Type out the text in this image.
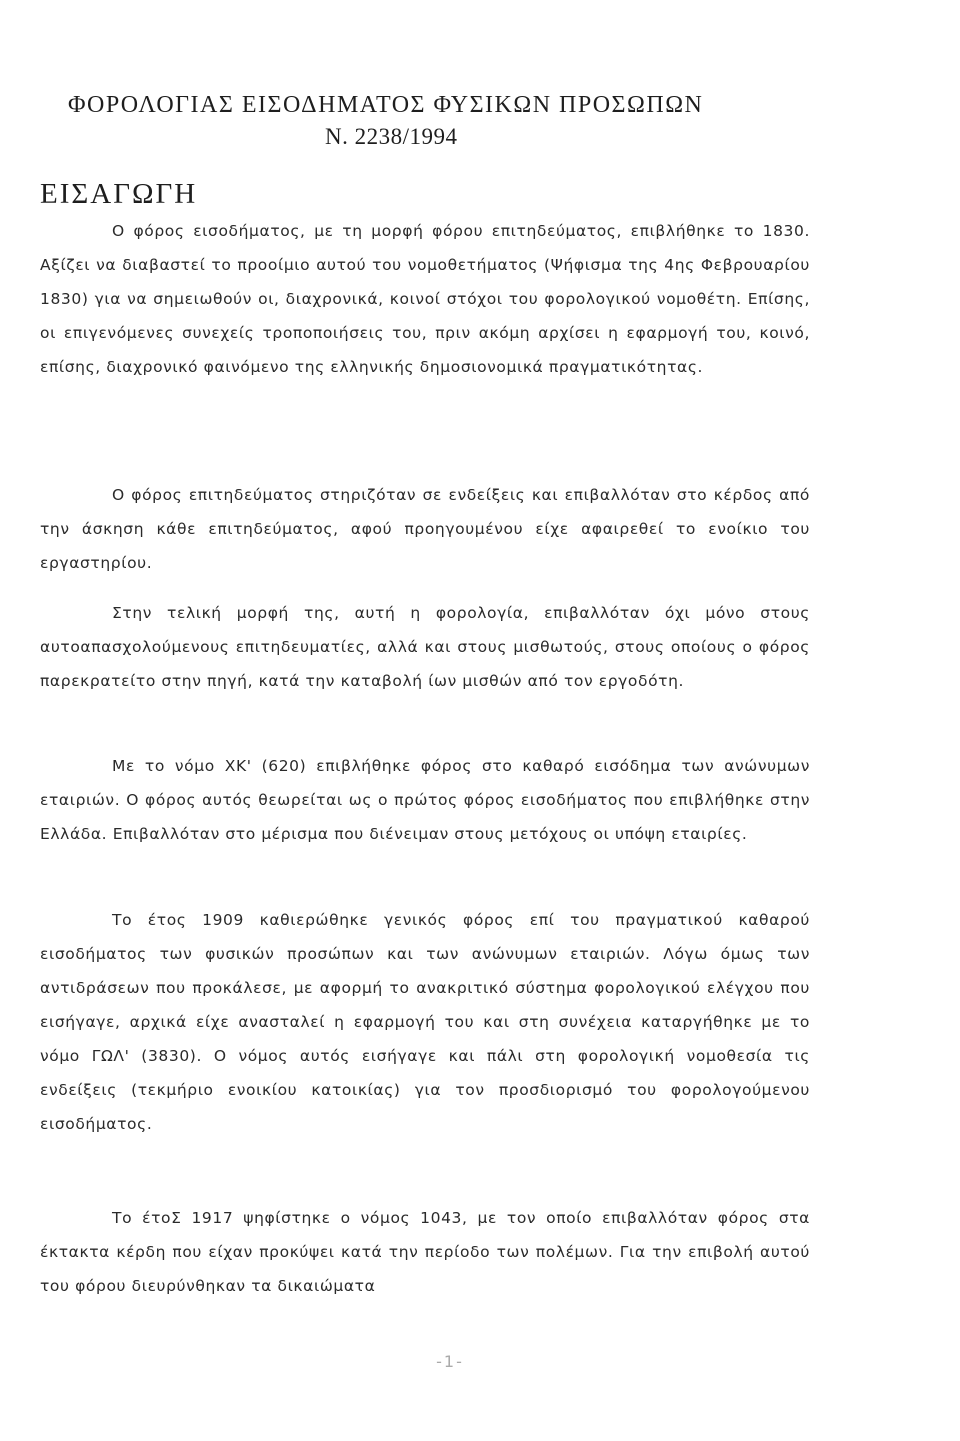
ΦΟΡΟΛΟΓΙΑΣ ΕΙΣΟΔΗΜΑΤΟΣ ΦΥΣΙΚΩΝ ΠΡΟΣΩΠΩΝ
Ν. 2238/1994
ΕΙΣΑΓΩΓΗ

Ο φόρος εισοδήματος, με τη μορφή φόρου επιτηδεύματος, επιβλήθηκε το 1830. Αξίζει να διαβαστεί το προοίμιο αυτού του νομοθετήματος (Ψήφισμα της 4ης Φεβρουαρίου 1830) για να σημειωθούν οι, διαχρονικά, κοινοί στόχοι του φορολογικού νομοθέτη. Επίσης, οι επιγενόμενες συνεχείς τροποποιήσεις του, πριν ακόμη αρχίσει η εφαρμογή του, κοινό, επίσης, διαχρονικό φαινόμενο της ελληνικής δημοσιονομικά πραγματικότητας.

Ο φόρος επιτηδεύματος στηριζόταν σε ενδείξεις και επιβαλλόταν στο κέρδος από την άσκηση κάθε επιτηδεύματος, αφού προηγουμένου είχε αφαιρεθεί το ενοίκιο του εργαστηρίου.

Στην τελική μορφή της, αυτή η φορολογία, επιβαλλόταν όχι μόνο στους αυτοαπασχολούμενους επιτηδευματίες, αλλά και στους μισθωτούς, στους οποίους ο φόρος παρεκρατείτο στην πηγή, κατά την καταβολή ίων μισθών από τον εργοδότη.

Με το νόμο ΧΚ' (620) επιβλήθηκε φόρος στο καθαρό εισόδημα των ανώνυμων εταιριών. Ο φόρος αυτός θεωρείται ως ο πρώτος φόρος εισοδήματος που επιβλήθηκε στην Ελλάδα. Επιβαλλόταν στο μέρισμα που διένειμαν στους μετόχους οι υπόψη εταιρίες.

Το έτος 1909 καθιερώθηκε γενικός φόρος επί του πραγματικού καθαρού εισοδήματος των φυσικών προσώπων και των ανώνυμων εταιριών. Λόγω όμως των αντιδράσεων που προκάλεσε, με αφορμή το ανακριτικό σύστημα φορολογικού ελέγχου που εισήγαγε, αρχικά είχε ανασταλεί η εφαρμογή του και στη συνέχεια καταργήθηκε με το νόμο ΓΩΛ' (3830). Ο νόμος αυτός εισήγαγε και πάλι στη φορολογική νομοθεσία τις ενδείξεις (τεκμήριο ενοικίου κατοικίας) για τον προσδιορισμό του φορολογούμενου εισοδήματος.

Το έτοΣ 1917 ψηφίστηκε ο νόμος 1043, με τον οποίο επιβαλλόταν φόρος στα έκτακτα κέρδη που είχαν προκύψει κατά την περίοδο των πολέμων. Για την επιβολή αυτού του φόρου διευρύνθηκαν τα δικαιώματα

-1-
